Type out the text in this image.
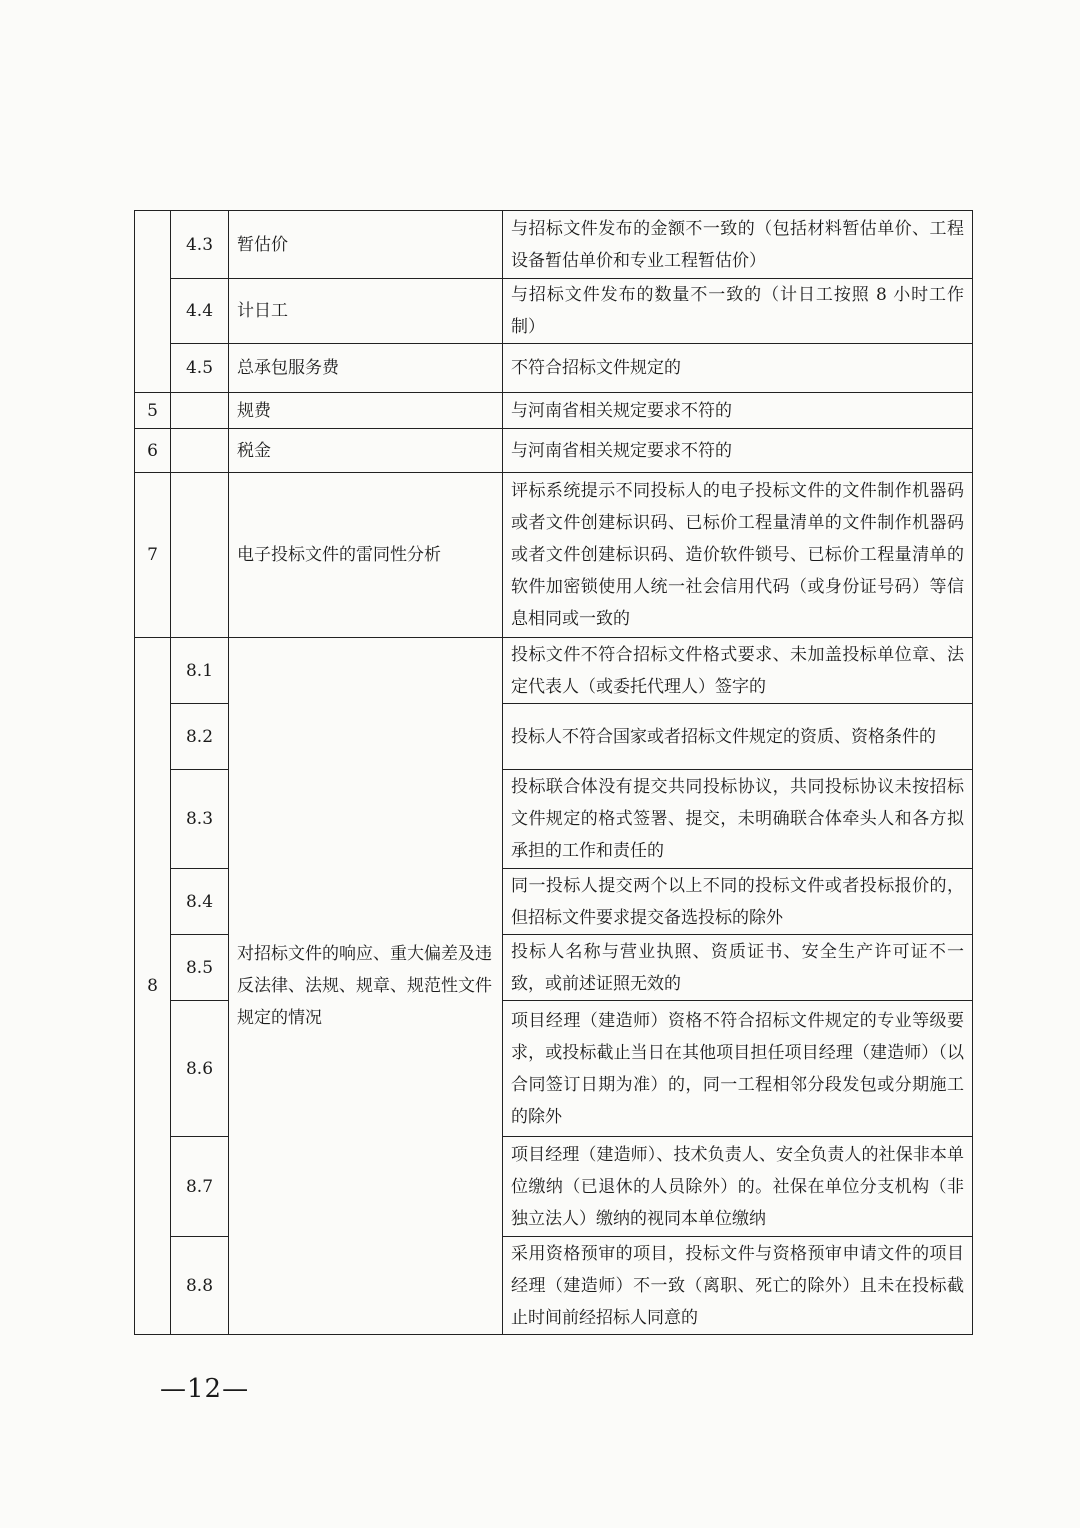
	4.3	暂估价	与招标文件发布的金额不一致的（包括材料暂估单价、工程设备暂估单价和专业工程暂估价）
	4.4	计日工	与招标文件发布的数量不一致的（计日工按照 8 小时工作制）
	4.5	总承包服务费	不符合招标文件规定的
5		规费	与河南省相关规定要求不符的
6		税金	与河南省相关规定要求不符的
7		电子投标文件的雷同性分析	评标系统提示不同投标人的电子投标文件的文件制作机器码或者文件创建标识码、已标价工程量清单的文件制作机器码或者文件创建标识码、造价软件锁号、已标价工程量清单的软件加密锁使用人统一社会信用代码（或身份证号码）等信息相同或一致的
8	8.1	对招标文件的响应、重大偏差及违反法律、法规、规章、规范性文件规定的情况	投标文件不符合招标文件格式要求、未加盖投标单位章、法定代表人（或委托代理人）签字的
	8.2		投标人不符合国家或者招标文件规定的资质、资格条件的
	8.3		投标联合体没有提交共同投标协议，共同投标协议未按招标文件规定的格式签署、提交，未明确联合体牵头人和各方拟承担的工作和责任的
	8.4		同一投标人提交两个以上不同的投标文件或者投标报价的，但招标文件要求提交备选投标的除外
	8.5		投标人名称与营业执照、资质证书、安全生产许可证不一致，或前述证照无效的
	8.6		项目经理（建造师）资格不符合招标文件规定的专业等级要求，或投标截止当日在其他项目担任项目经理（建造师）（以合同签订日期为准）的，同一工程相邻分段发包或分期施工的除外
	8.7		项目经理（建造师）、技术负责人、安全负责人的社保非本单位缴纳（已退休的人员除外）的。社保在单位分支机构（非独立法人）缴纳的视同本单位缴纳
	8.8		采用资格预审的项目，投标文件与资格预审申请文件的项目经理（建造师）不一致（离职、死亡的除外）且未在投标截止时间前经招标人同意的
—12—
